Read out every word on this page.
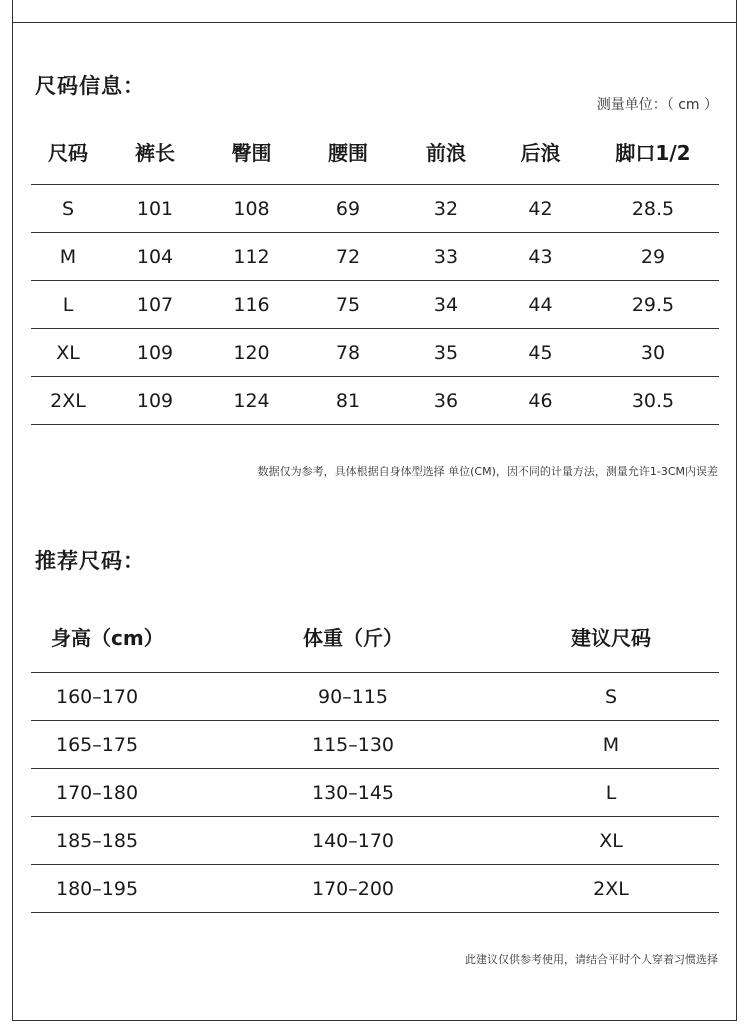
尺码信息：
测量单位：（ cm ）
尺码	裤长	臀围	腰围	前浪	后浪	脚口1/2
S	101	108	69	32	42	28.5
M	104	112	72	33	43	29
L	107	116	75	34	44	29.5
XL	109	120	78	35	45	30
2XL	109	124	81	36	46	30.5
数据仅为参考，具体根据自身体型选择 单位(CM)，因不同的计量方法，测量允许1-3CM内误差
推荐尺码：
身高（cm）	体重（斤）	建议尺码
160–170	90–115	S
165–175	115–130	M
170–180	130–145	L
185–185	140–170	XL
180–195	170–200	2XL
此建议仅供参考使用，请结合平时个人穿着习惯选择
